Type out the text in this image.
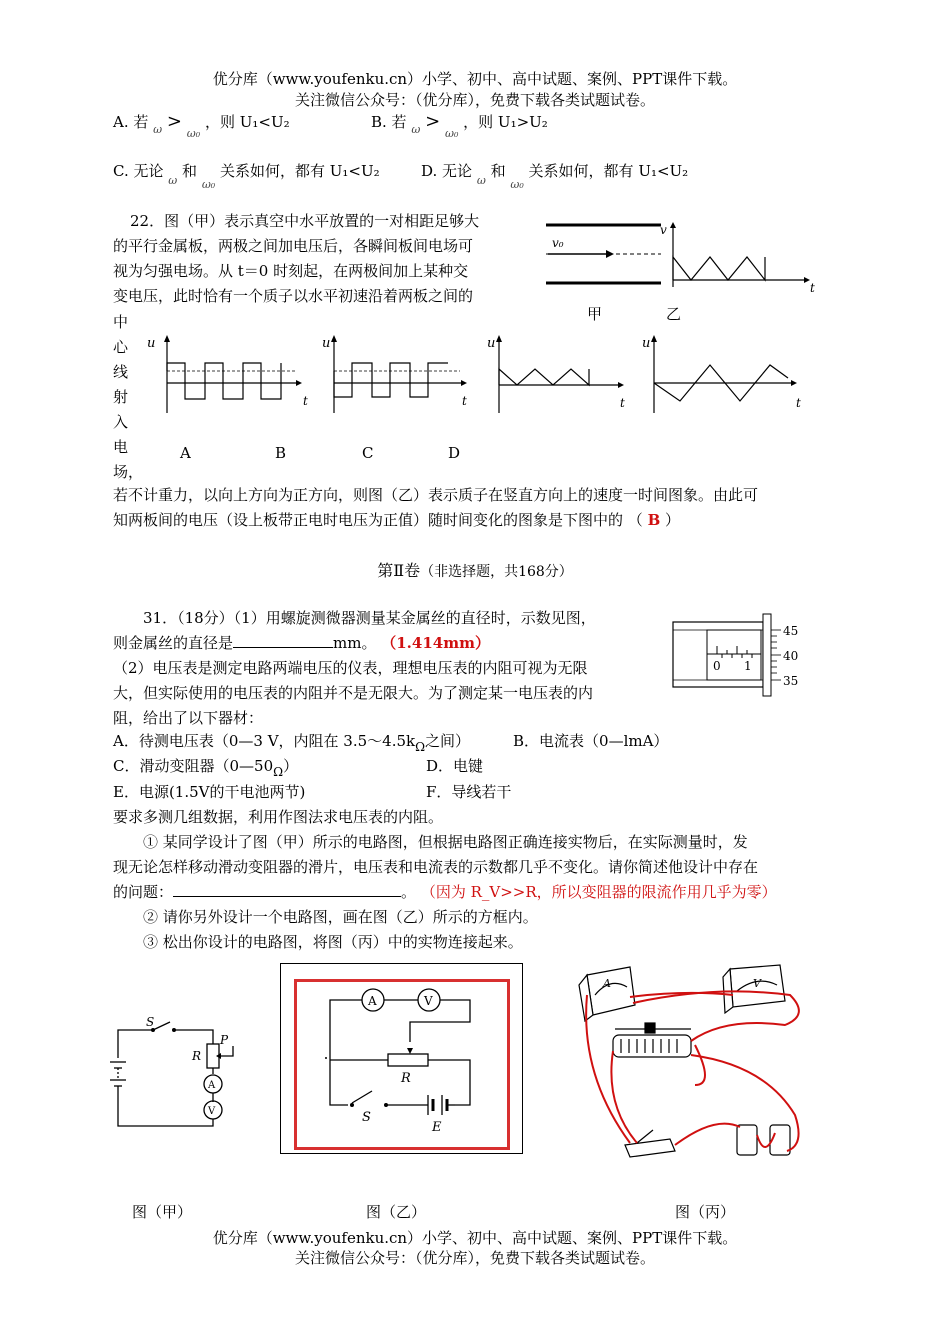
优分库（www.youfenku.cn）小学、初中、高中试题、案例、PPT课件下载。
关注微信公众号：（优分库），免费下载各类试题试卷。
A. 若 $_\omega$ > $_{\omega_0}$ ，则 U₁<U₂	B. 若 $_\omega$ > $_{\omega_0}$ ，则 U₁>U₂
C. 无论 $_\omega$ 和 $_{\omega_0}$ 关系如何，都有 U₁<U₂	D. 无论 $_\omega$ 和 $_{\omega_0}$ 关系如何，都有 U₁<U₂
22．图（甲）表示真空中水平放置的一对相距足够大
的平行金属板，两极之间加电压后，各瞬间板间电场可
视为匀强电场。从 t＝0 时刻起，在两极间加上某种交
变电压，此时恰有一个质子以水平初速沿着两板之间的
中
心
线
射
入
电
场，
v₀
甲
v
t
乙
u
t
u
t
u
t
u
t
A	B	C	D
若不计重力，以向上方向为正方向，则图（乙）表示质子在竖直方向上的速度一时间图象。由此可
知两板间的电压（设上板带正电时电压为正值）随时间变化的图象是下图中的 （ B ）
第Ⅱ卷（非选择题，共168分）
31．（18分）（1）用螺旋测微器测量某金属丝的直径时，示数见图，
则金属丝的直径是	mm。 （1.414mm）
0 1
45
40
35
（2）电压表是测定电路两端电压的仪表，理想电压表的内阻可视为无限
大，但实际使用的电压表的内阻并不是无限大。为了测定某一电压表的内
阻，给出了以下器材：
A．待测电压表（0—3 V，内阻在 $3.5\sim 4.5k_\Omega$之间）	B．电流表（0—lmA）
C．滑动变阻器$(0—50_\Omega)$	D．电键
E．电源(1.5V的干电池两节)	F．导线若干
要求多测几组数据，利用作图法求电压表的内阻。
① 某同学设计了图（甲）所示的电路图，但根据电路图正确连接实物后，在实际测量时，发
现无论怎样移动滑动变阻器的滑片，电压表和电流表的示数都几乎不变化。请你简述他设计中存在
的问题：	。 （因为 R_V>>R，所以变阻器的限流作用几乎为零）
② 请你另外设计一个电路图，画在图（乙）所示的方框内。
③ 松出你设计的电路图，将图（丙）中的实物连接起来。
S
R
P
A
V
A	V
R
S
E
A	V
图（甲）	图（乙）	图（丙）
优分库（www.youfenku.cn）小学、初中、高中试题、案例、PPT课件下载。
关注微信公众号：（优分库），免费下载各类试题试卷。
